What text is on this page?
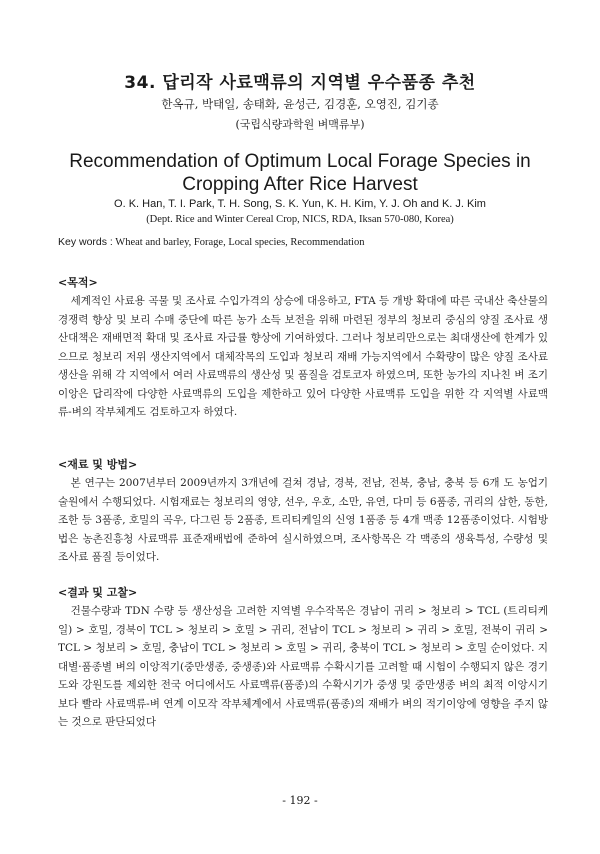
34. 답리작 사료맥류의 지역별 우수품종 추천
한옥규, 박태일, 송태화, 윤성근, 김경훈, 오영진, 김기종
(국립식량과학원 벼맥류부)
Recommendation of Optimum Local Forage Species in Cropping After Rice Harvest
O. K. Han, T. I. Park, T. H. Song, S. K. Yun, K. H. Kim, Y. J. Oh and K. J. Kim
(Dept. Rice and Winter Cereal Crop, NICS, RDA, Iksan 570-080, Korea)
Key words : Wheat and barley, Forage, Local species, Recommendation
<목적>

세계적인 사료용 곡물 및 조사료 수입가격의 상승에 대응하고, FTA 등 개방 확대에 따른 국내산 축산물의 경쟁력 향상 및 보리 수매 중단에 따른 농가 소득 보전을 위해 마련된 정부의 청보리 중심의 양질 조사료 생산대책은 재배면적 확대 및 조사료 자급률 향상에 기여하였다. 그러나 청보리만으로는 최대생산에 한계가 있으므로 청보리 저위 생산지역에서 대체작목의 도입과 청보리 재배 가능지역에서 수확량이 많은 양질 조사료 생산을 위해 각 지역에서 여러 사료맥류의 생산성 및 품질을 검토코자 하였으며, 또한 농가의 지나친 벼 조기이앙은 답리작에 다양한 사료맥류의 도입을 제한하고 있어 다양한 사료맥류 도입을 위한 각 지역별 사료맥류-벼의 작부체계도 검토하고자 하였다.

<재료 및 방법>

본 연구는 2007년부터 2009년까지 3개년에 걸쳐 경남, 경북, 전남, 전북, 충남, 충북 등 6개 도 농업기술원에서 수행되었다. 시험재료는 청보리의 영양, 선우, 우호, 소만, 유연, 다미 등 6품종, 귀리의 삼한, 동한, 조한 등 3품종, 호밀의 곡우, 다그린 등 2품종, 트리티케일의 신영 1품종 등 4개 맥종 12품종이었다. 시험방법은 농촌진흥청 사료맥류 표준재배법에 준하여 실시하였으며, 조사항목은 각 맥종의 생육특성, 수량성 및 조사료 품질 등이었다.

<결과 및 고찰>

건물수량과 TDN 수량 등 생산성을 고려한 지역별 우수작목은 경남이 귀리 > 청보리 > TCL (트리티케일) > 호밀, 경북이 TCL > 청보리 > 호밀 > 귀리, 전남이 TCL > 청보리 > 귀리 > 호밀, 전북이 귀리 > TCL > 청보리 > 호밀, 충남이 TCL > 청보리 > 호밀 > 귀리, 충북이 TCL > 청보리 > 호밀 순이었다. 지대별·품종별 벼의 이앙적기(중만생종, 중생종)와 사료맥류 수확시기를 고려할 때 시험이 수행되지 않은 경기도와 강원도를 제외한 전국 어디에서도 사료맥류(품종)의 수확시기가 중생 및 중만생종 벼의 최적 이앙시기보다 빨라 사료맥류-벼 연계 이모작 작부체계에서 사료맥류(품종)의 재배가 벼의 적기이앙에 영향을 주지 않는 것으로 판단되었다

- 192 -
